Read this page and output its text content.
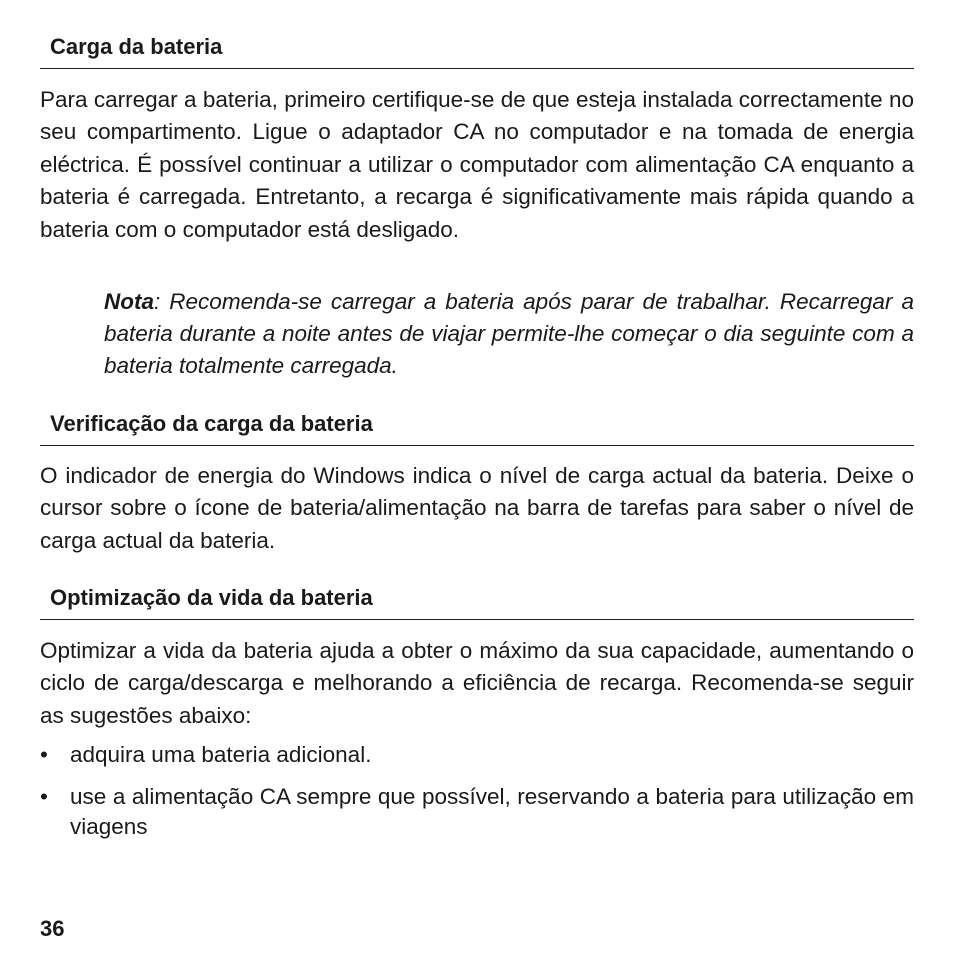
Carga da bateria

Para carregar a bateria, primeiro certifique-se de que esteja instalada correctamente no seu compartimento. Ligue o adaptador CA no computador e na tomada de energia eléctrica. É possível continuar a utilizar o computador com alimentação CA enquanto a bateria é carregada. Entretanto, a recarga é significativamente mais rápida quando a bateria com o computador está desligado.

Nota: Recomenda-se carregar a bateria após parar de trabalhar. Recarregar a bateria durante a noite antes de viajar permite-lhe começar o dia seguinte com a bateria totalmente carregada.

Verificação da carga da bateria

O indicador de energia do Windows indica o nível de carga actual da bateria. Deixe o cursor sobre o ícone de bateria/alimentação na barra de tarefas para saber o nível de carga actual da bateria.

Optimização da vida da bateria

Optimizar a vida da bateria ajuda a obter o máximo da sua capacidade, aumentando o ciclo de carga/descarga e melhorando a eficiência de recarga. Recomenda-se seguir as sugestões abaixo:

• adquira uma bateria adicional.
• use a alimentação CA sempre que possível, reservando a bateria para utilização em viagens
36
